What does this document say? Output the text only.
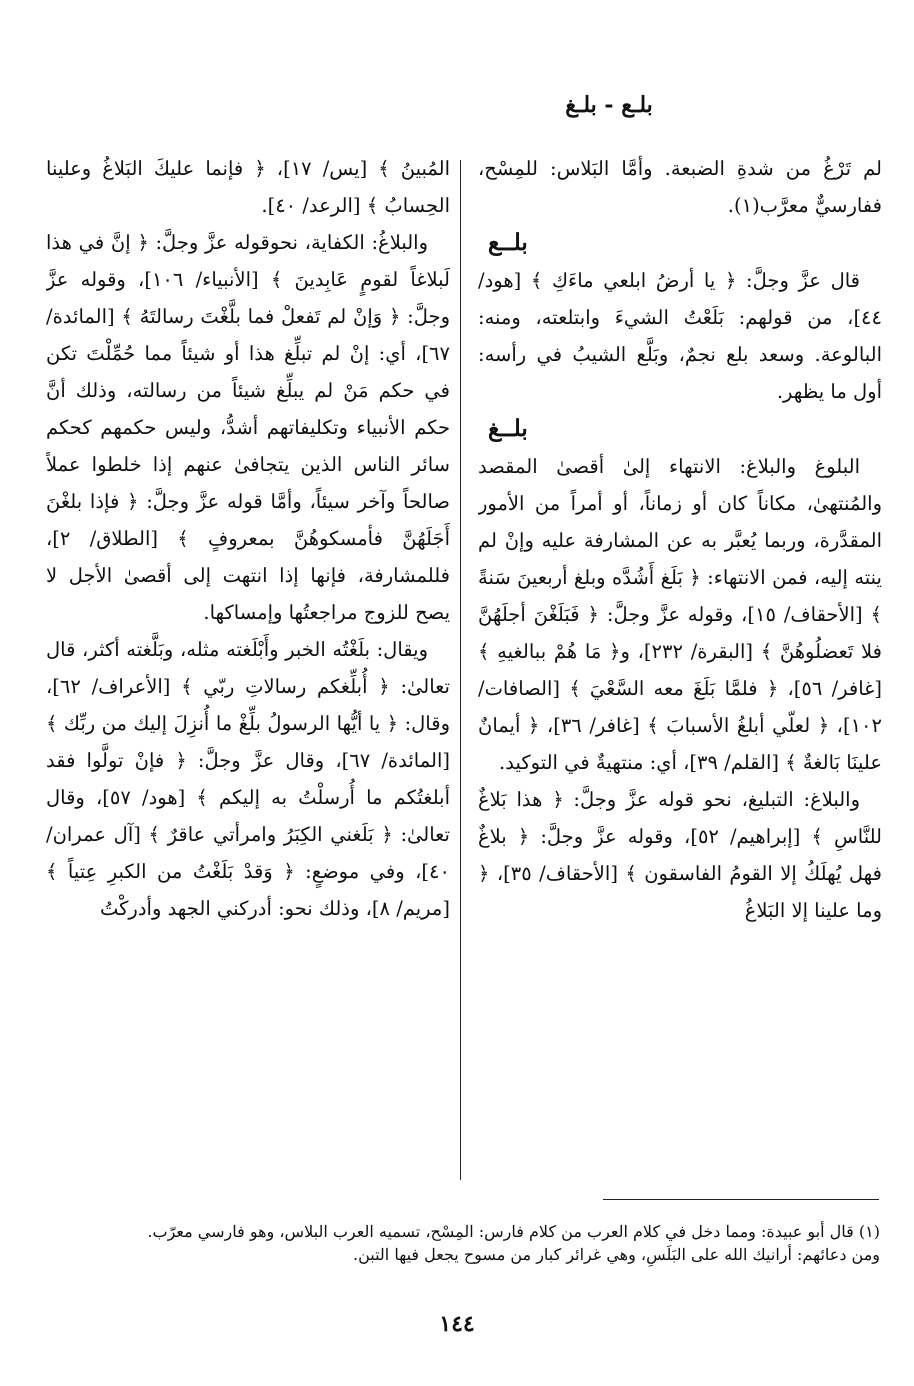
بلـع - بلـغ

لم تَرْغُ من شدةِ الضبعة. وأمَّا البَلاس: للمِسْح، ففارسيٌّ معرَّب(١).

بلــع

قال عزَّ وجلَّ: ﴿ يا أرضُ ابلعي ماءَكِ ﴾ [هود/ ٤٤]، من قولهم: بَلَعْتُ الشيءَ وابتلعته، ومنه: البالوعة. وسعد بلع نجمٌ، وبَلَّع الشيبُ في رأسه: أول ما يظهر.

بلــغ

البلوغ والبلاغ: الانتهاء إلىٰ أقصىٰ المقصد والمُنتهىٰ، مكاناً كان أو زماناً، أو أمراً من الأمور المقدَّرة، وربما يُعبَّر به عن المشارفة عليه وإنْ لم ينته إليه، فمن الانتهاء: ﴿ بَلَغ أَشُدَّه وبلغ أربعينَ سَنةً ﴾ [الأحقاف/ ١٥]، وقوله عزَّ وجلَّ: ﴿ فَبَلَغْنَ أجلَهُنَّ فلا تَعضلُوهُنَّ ﴾ [البقرة/ ٢٣٢]، و﴿ مَا هُمْ ببالغيهِ ﴾ [غافر/ ٥٦]، ﴿ فلمَّا بَلَغَ معه السَّعْيَ ﴾ [الصافات/ ١٠٢]، ﴿ لعلّي أبلغُ الأسبابَ ﴾ [غافر/ ٣٦]، ﴿ أيمانٌ علينَا بَالغةٌ ﴾ [القلم/ ٣٩]، أي: منتهيةٌ في التوكيد.

والبلاغ: التبليغ، نحو قوله عزَّ وجلَّ: ﴿ هذا بَلاغٌ للنَّاسِ ﴾ [إبراهيم/ ٥٢]، وقوله عزَّ وجلَّ: ﴿ بلاغٌ فهل يُهلَكُ إلا القومُ الفاسقون ﴾ [الأحقاف/ ٣٥]، ﴿ وما علينا إلا البَلاغُ

المُبينُ ﴾ [يس/ ١٧]، ﴿ فإنما عليكَ البَلاغُ وعلينا الحِسابُ ﴾ [الرعد/ ٤٠].

والبلاغُ: الكفاية، نحوقوله عزَّ وجلَّ: ﴿ إنَّ في هذا لَبلاغاً لقومٍ عَابِدينَ ﴾ [الأنبياء/ ١٠٦]، وقوله عزَّ وجلَّ: ﴿ وَإنْ لم تَفعلْ فما بلَّغْتَ رسالتَهُ ﴾ [المائدة/ ٦٧]، أي: إنْ لم تبلِّغ هذا أو شيئاً مما حُمِّلْتَ تكن في حكم مَنْ لم يبلِّغ شيئاً من رسالته، وذلك أنَّ حكم الأنبياء وتكليفاتهم أشدُّ، وليس حكمهم كحكم سائر الناس الذين يتجافىٰ عنهم إذا خلطوا عملاً صالحاً وآخر سيئاً، وأمَّا قوله عزَّ وجلَّ: ﴿ فإذا بلغْنَ أَجَلَهُنَّ فأمسكوهُنَّ بمعروفٍ ﴾ [الطلاق/ ٢]، فللمشارفة، فإنها إذا انتهت إلى أقصىٰ الأجل لا يصح للزوج مراجعتُها وإمساكها.

ويقال: بلَغْتُه الخبر وأَبْلَغته مثله، وبَلَّغته أكثر، قال تعالىٰ: ﴿ أُبلِّغكم رسالاتِ ربّي ﴾ [الأعراف/ ٦٢]، وقال: ﴿ يا أيُّها الرسولُ بلِّغْ ما أُنزِلَ إليك من ربِّك ﴾ [المائدة/ ٦٧]، وقال عزَّ وجلَّ: ﴿ فإنْ تولَّوا فقد أبلغتُكم ما أُرسلْتُ به إليكم ﴾ [هود/ ٥٧]، وقال تعالىٰ: ﴿ بَلَغني الكِبَرُ وامرأتي عاقرٌ ﴾ [آل عمران/ ٤٠]، وفي موضعٍ: ﴿ وَقدْ بَلَغْتُ من الكبرِ عِتياً ﴾ [مريم/ ٨]، وذلك نحو: أدركني الجهد وأدركْتُ

(١) قال أبو عبيدة: ومما دخل في كلام العرب من كلام فارس: المِسْح، تسميه العرب البلاس، وهو فارسي معرّب.

ومن دعائهم: أرانيك الله على البَلَسِ، وهي غرائر كبار من مسوح يجعل فيها التبن.

١٤٤
